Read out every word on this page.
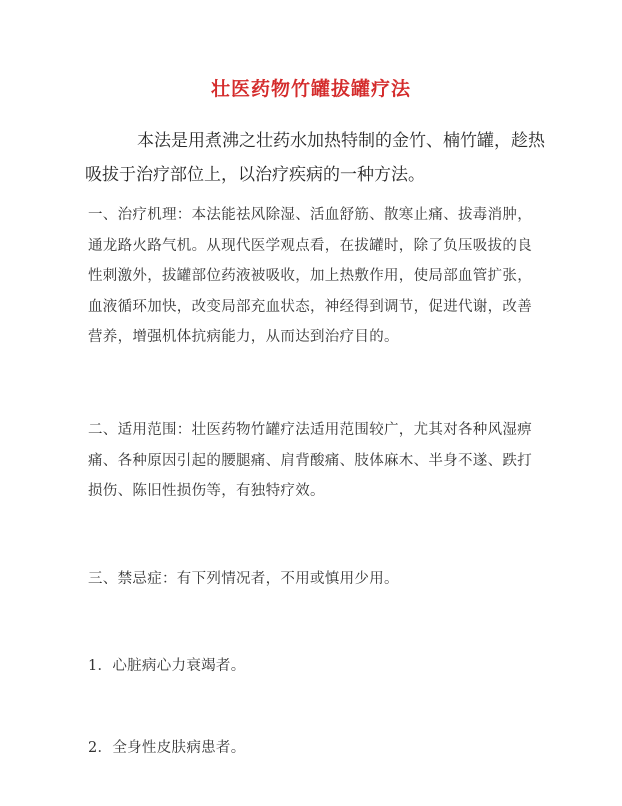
壮医药物竹罐拔罐疗法
本法是用煮沸之壮药水加热特制的金竹、楠竹罐，趁热吸拔于治疗部位上，以治疗疾病的一种方法。
一、治疗机理：本法能祛风除湿、活血舒筋、散寒止痛、拔毒消肿，通龙路火路气机。从现代医学观点看，在拔罐时，除了负压吸拔的良性刺激外，拔罐部位药液被吸收，加上热敷作用，使局部血管扩张，血液循环加快，改变局部充血状态，神经得到调节，促进代谢，改善营养，增强机体抗病能力，从而达到治疗目的。
二、适用范围：壮医药物竹罐疗法适用范围较广，尤其对各种风湿痹痛、各种原因引起的腰腿痛、肩背酸痛、肢体麻木、半身不遂、跌打损伤、陈旧性损伤等，有独特疗效。
三、禁忌症：有下列情况者，不用或慎用少用。
1．心脏病心力衰竭者。
2．全身性皮肤病患者。
